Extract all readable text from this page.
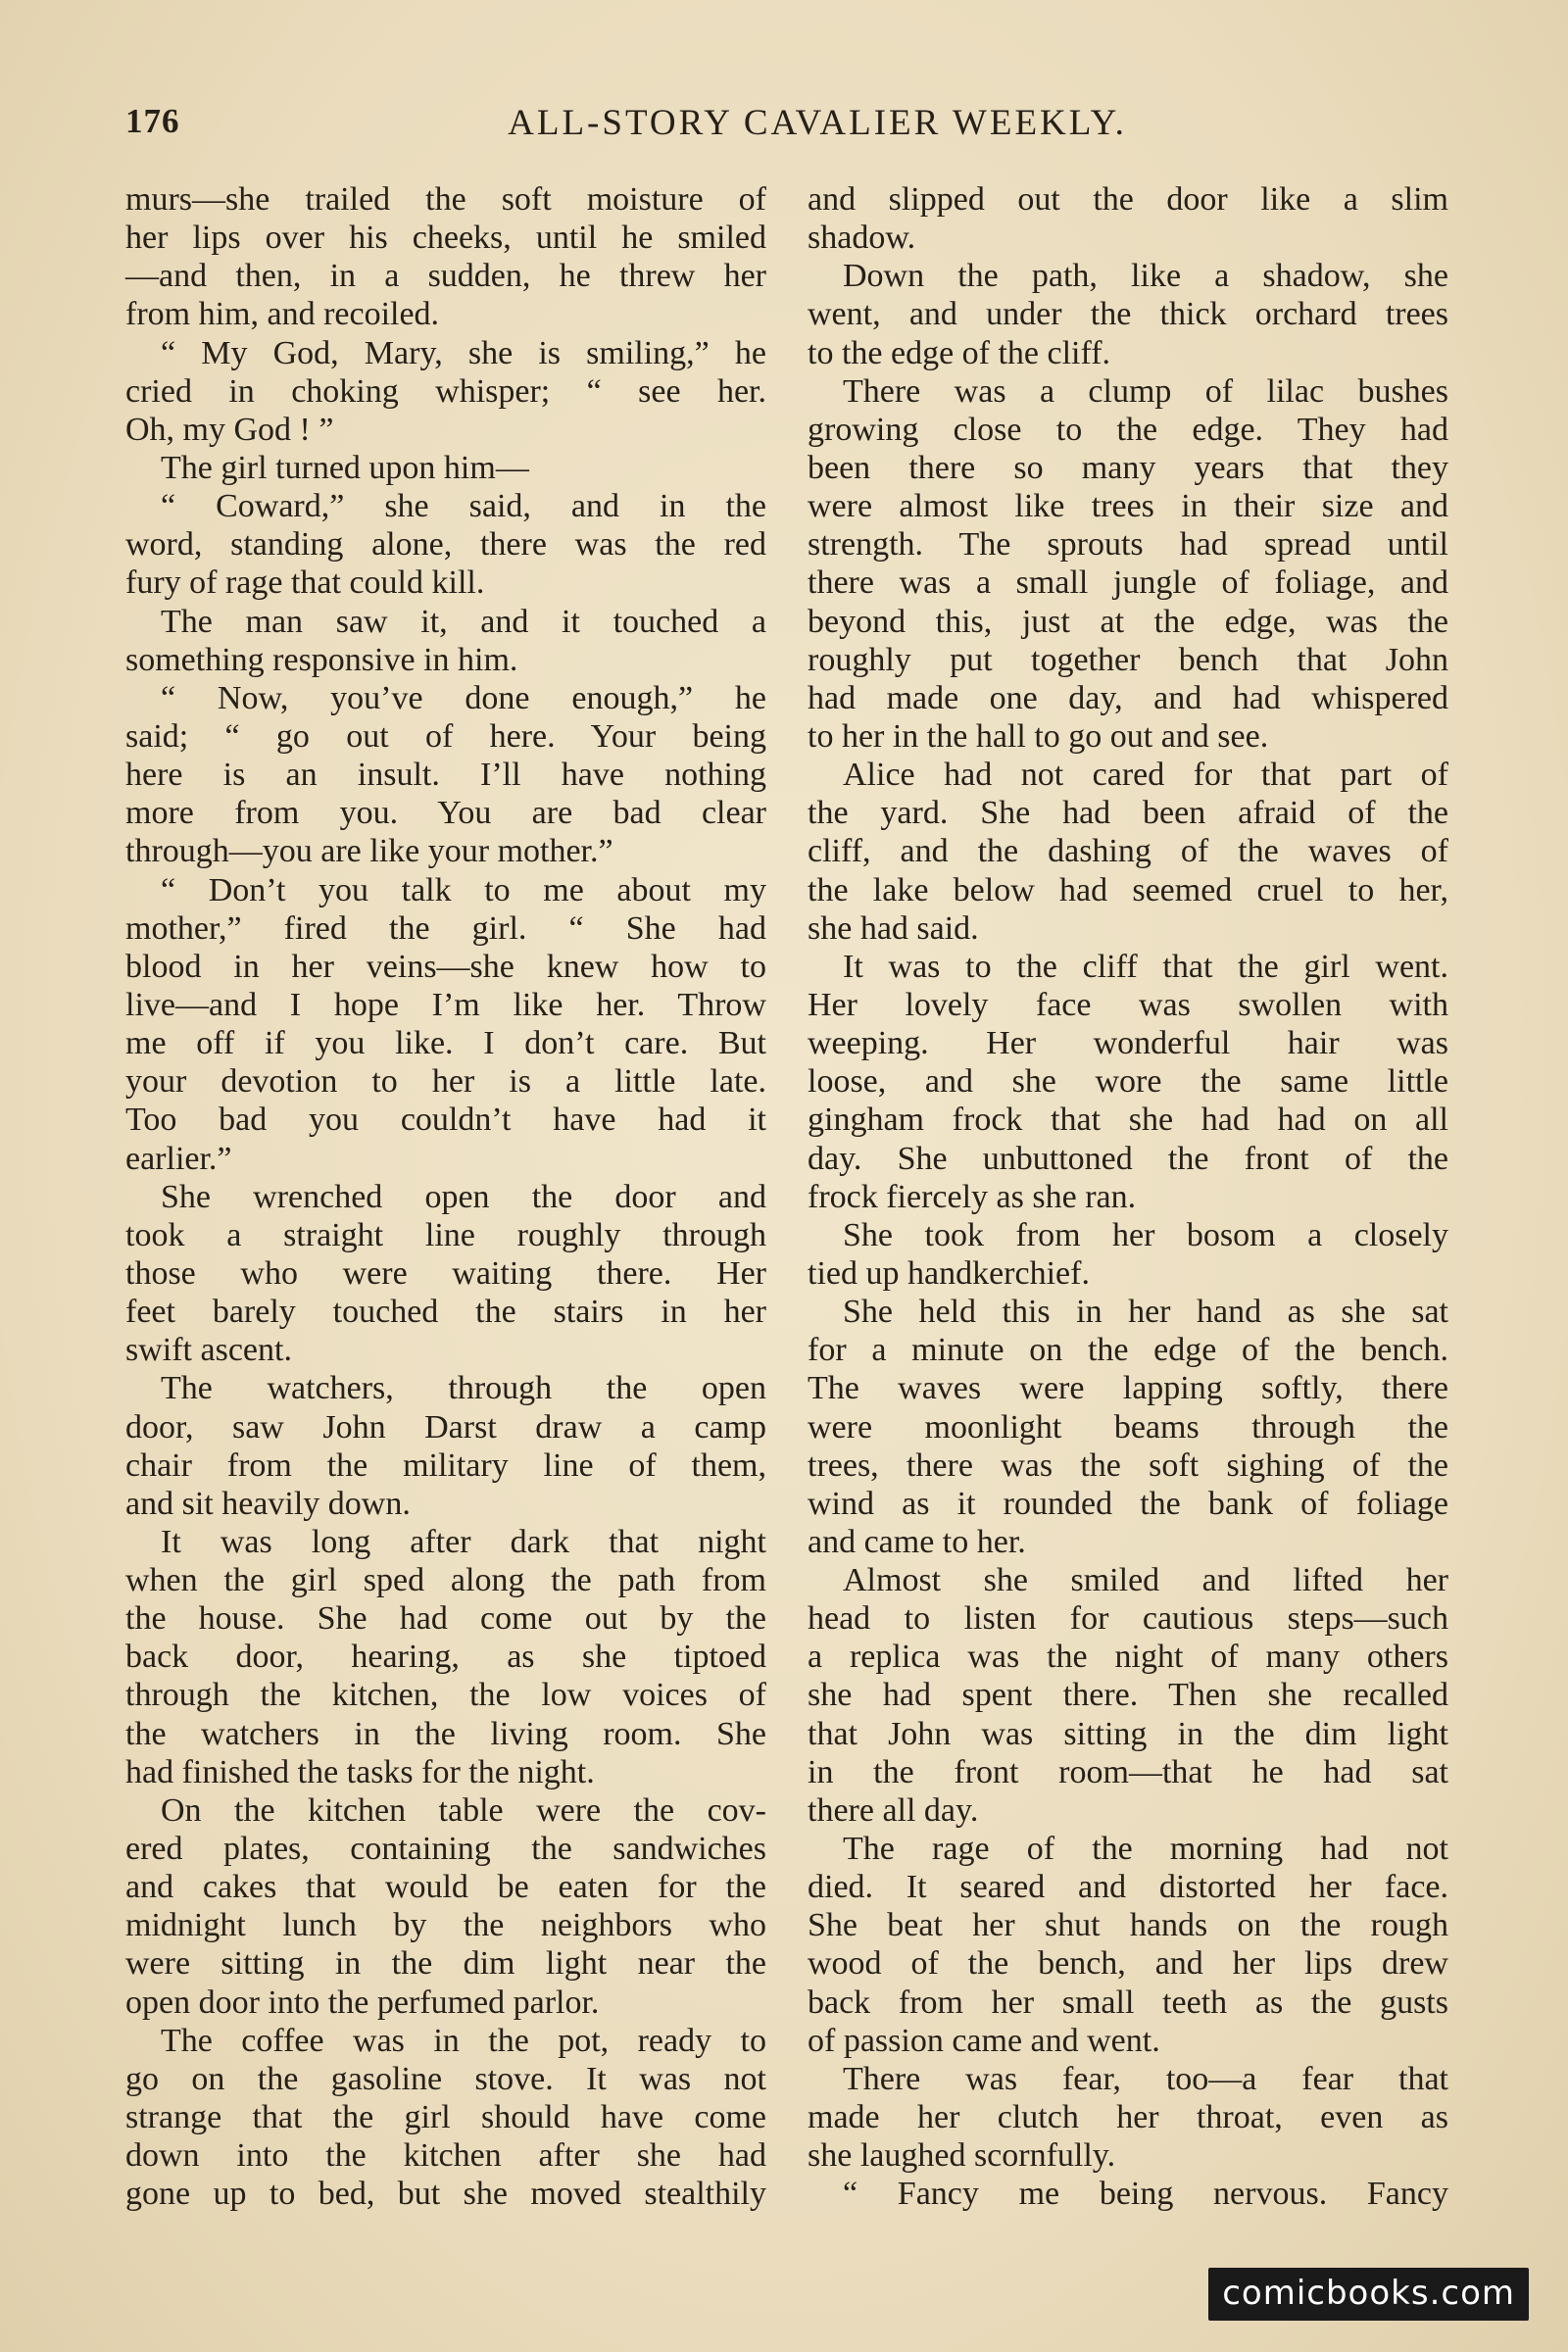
176	ALL-STORY CAVALIER WEEKLY.
murs—she trailed the soft moisture of
her lips over his cheeks, until he smiled
—and then, in a sudden, he threw her
from him, and recoiled.
“ My God, Mary, she is smiling,” he
cried in choking whisper; “ see her.
Oh, my God ! ”
The girl turned upon him—
“ Coward,” she said, and in the
word, standing alone, there was the red
fury of rage that could kill.
The man saw it, and it touched a
something responsive in him.
“ Now, you’ve done enough,” he
said; “ go out of here. Your being
here is an insult. I’ll have nothing
more from you. You are bad clear
through—you are like your mother.”
“ Don’t you talk to me about my
mother,” fired the girl. “ She had
blood in her veins—she knew how to
live—and I hope I’m like her. Throw
me off if you like. I don’t care. But
your devotion to her is a little late.
Too bad you couldn’t have had it
earlier.”
She wrenched open the door and
took a straight line roughly through
those who were waiting there. Her
feet barely touched the stairs in her
swift ascent.
The watchers, through the open
door, saw John Darst draw a camp
chair from the military line of them,
and sit heavily down.
It was long after dark that night
when the girl sped along the path from
the house. She had come out by the
back door, hearing, as she tiptoed
through the kitchen, the low voices of
the watchers in the living room. She
had finished the tasks for the night.
On the kitchen table were the cov-
ered plates, containing the sandwiches
and cakes that would be eaten for the
midnight lunch by the neighbors who
were sitting in the dim light near the
open door into the perfumed parlor.
The coffee was in the pot, ready to
go on the gasoline stove. It was not
strange that the girl should have come
down into the kitchen after she had
gone up to bed, but she moved stealthily
and slipped out the door like a slim
shadow.
Down the path, like a shadow, she
went, and under the thick orchard trees
to the edge of the cliff.
There was a clump of lilac bushes
growing close to the edge. They had
been there so many years that they
were almost like trees in their size and
strength. The sprouts had spread until
there was a small jungle of foliage, and
beyond this, just at the edge, was the
roughly put together bench that John
had made one day, and had whispered
to her in the hall to go out and see.
Alice had not cared for that part of
the yard. She had been afraid of the
cliff, and the dashing of the waves of
the lake below had seemed cruel to her,
she had said.
It was to the cliff that the girl went.
Her lovely face was swollen with
weeping. Her wonderful hair was
loose, and she wore the same little
gingham frock that she had had on all
day. She unbuttoned the front of the
frock fiercely as she ran.
She took from her bosom a closely
tied up handkerchief.
She held this in her hand as she sat
for a minute on the edge of the bench.
The waves were lapping softly, there
were moonlight beams through the
trees, there was the soft sighing of the
wind as it rounded the bank of foliage
and came to her.
Almost she smiled and lifted her
head to listen for cautious steps—such
a replica was the night of many others
she had spent there. Then she recalled
that John was sitting in the dim light
in the front room—that he had sat
there all day.
The rage of the morning had not
died. It seared and distorted her face.
She beat her shut hands on the rough
wood of the bench, and her lips drew
back from her small teeth as the gusts
of passion came and went.
There was fear, too—a fear that
made her clutch her throat, even as
she laughed scornfully.
“ Fancy me being nervous. Fancy
comicbooks.com
